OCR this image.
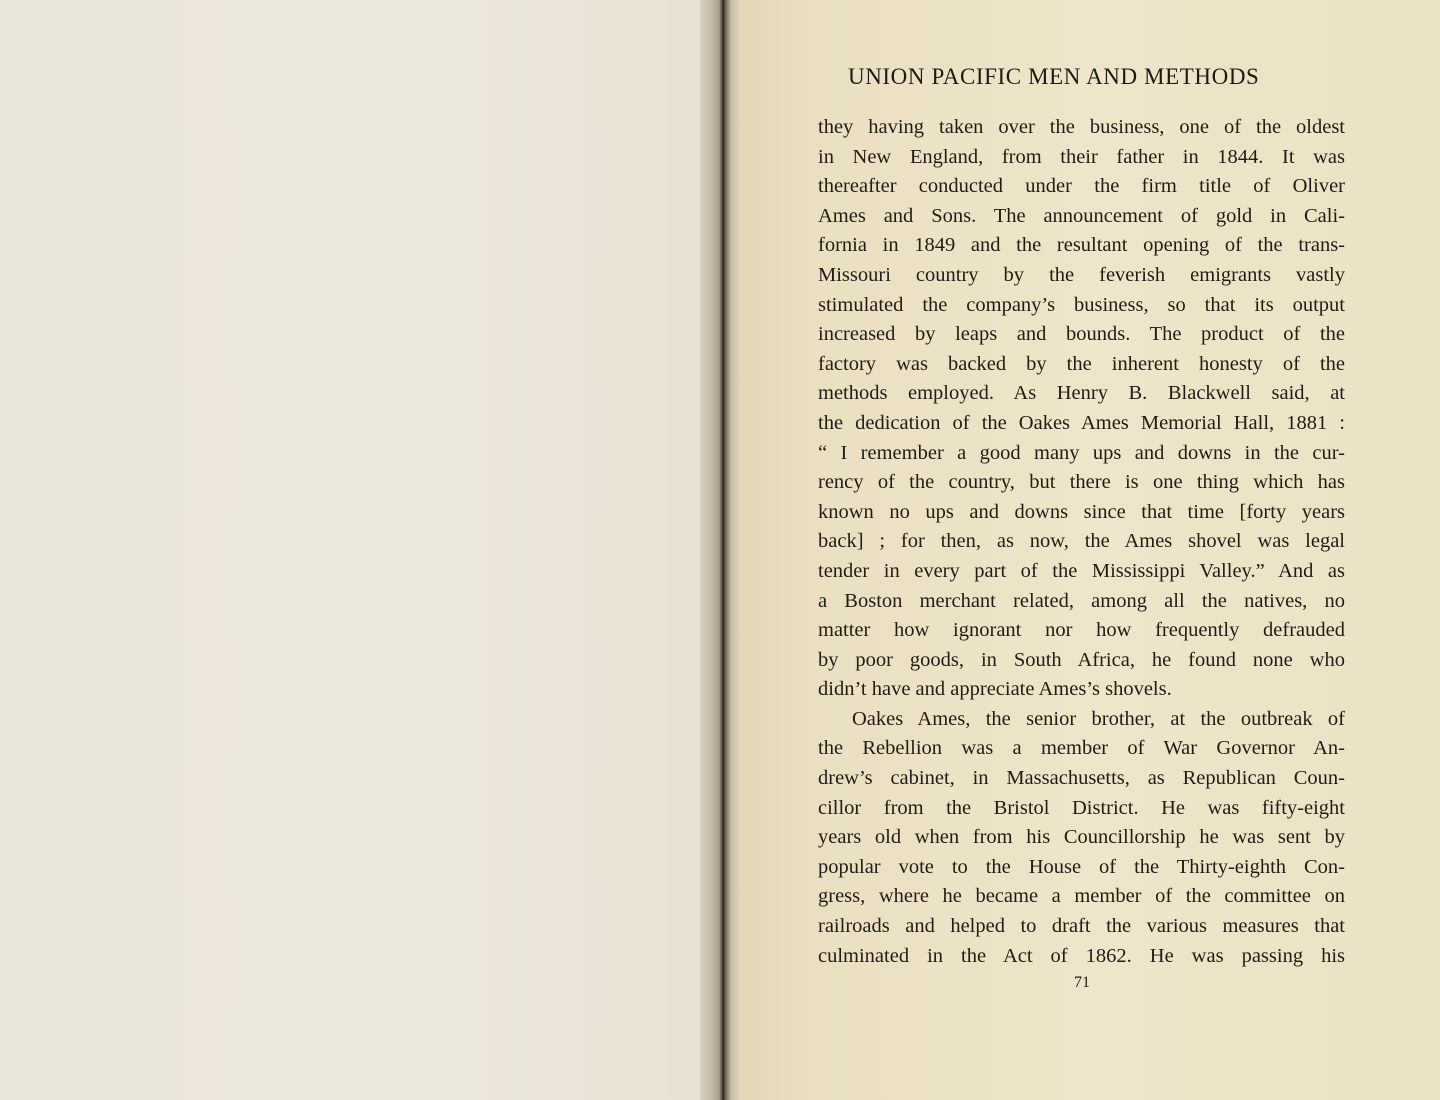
UNION PACIFIC MEN AND METHODS
they having taken over the business, one of the oldest
in New England, from their father in 1844. It was
thereafter conducted under the firm title of Oliver
Ames and Sons. The announcement of gold in Cali-
fornia in 1849 and the resultant opening of the trans-
Missouri country by the feverish emigrants vastly
stimulated the company’s business, so that its output
increased by leaps and bounds. The product of the
factory was backed by the inherent honesty of the
methods employed. As Henry B. Blackwell said, at
the dedication of the Oakes Ames Memorial Hall, 1881 :
“ I remember a good many ups and downs in the cur-
rency of the country, but there is one thing which has
known no ups and downs since that time [forty years
back] ; for then, as now, the Ames shovel was legal
tender in every part of the Mississippi Valley.” And as
a Boston merchant related, among all the natives, no
matter how ignorant nor how frequently defrauded
by poor goods, in South Africa, he found none who
didn’t have and appreciate Ames’s shovels.
Oakes Ames, the senior brother, at the outbreak of
the Rebellion was a member of War Governor An-
drew’s cabinet, in Massachusetts, as Republican Coun-
cillor from the Bristol District. He was fifty-eight
years old when from his Councillorship he was sent by
popular vote to the House of the Thirty-eighth Con-
gress, where he became a member of the committee on
railroads and helped to draft the various measures that
culminated in the Act of 1862. He was passing his
71
